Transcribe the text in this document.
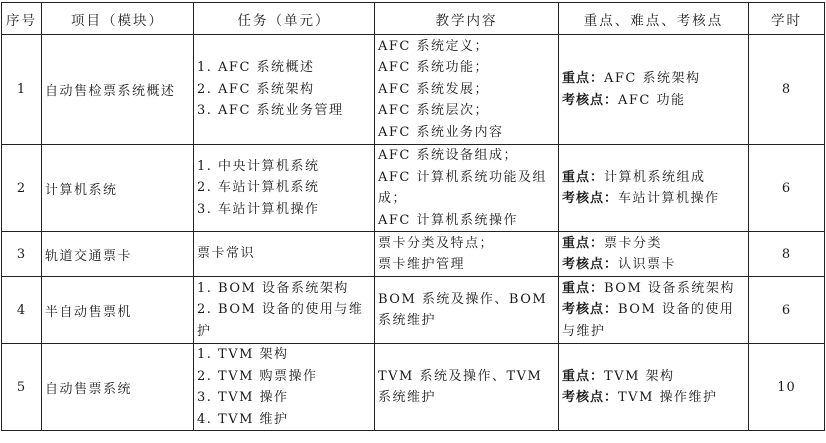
序号	项目（模块）	任务（单元）	教学内容	重点、难点、考核点	学时
1	自动售检票系统概述	1. AFC 系统概述
2. AFC 系统架构
3. AFC 系统业务管理	AFC 系统定义；
AFC 系统功能；
AFC 系统发展；
AFC 系统层次；
AFC 系统业务内容	重点：AFC 系统架构
考核点：AFC 功能	8
2	计算机系统	1. 中央计算机系统
2. 车站计算机系统
3. 车站计算机操作	AFC 系统设备组成；
AFC 计算机系统功能及组成；
AFC 计算机系统操作	重点：计算机系统组成
考核点：车站计算机操作	6
3	轨道交通票卡	票卡常识	票卡分类及特点；
票卡维护管理	重点：票卡分类
考核点：认识票卡	8
4	半自动售票机	1. BOM 设备系统架构
2. BOM 设备的使用与维护	BOM 系统及操作、BOM 系统维护	重点：BOM 设备系统架构
考核点：BOM 设备的使用与维护	6
5	自动售票系统	1. TVM 架构
2. TVM 购票操作
3. TVM 操作
4. TVM 维护	TVM 系统及操作、TVM 系统维护	重点：TVM 架构
考核点：TVM 操作维护	10
